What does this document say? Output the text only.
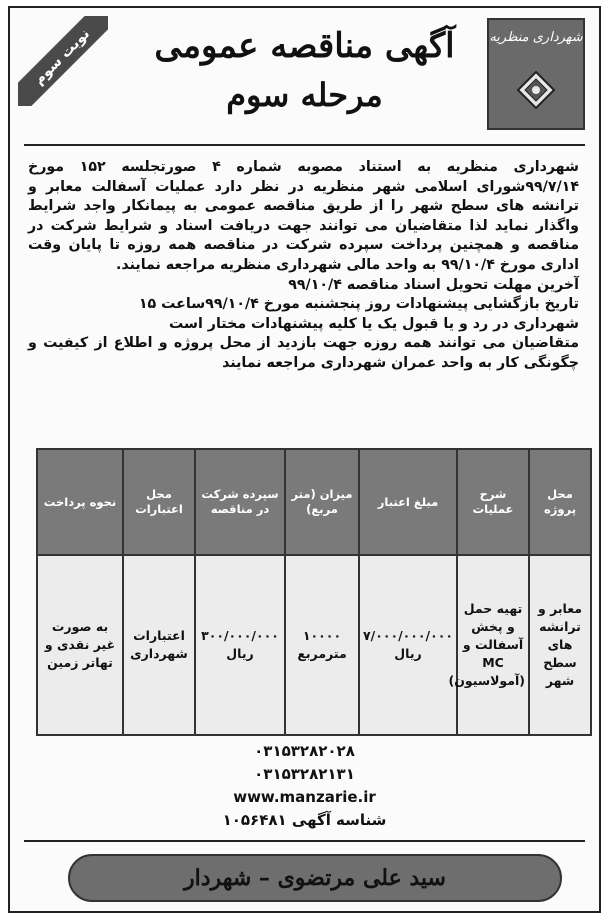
شهرداری منظریه
نوبت سوم	آگهی مناقصه عمومی
مرحله سوم

شهرداری منظریه به استناد مصوبه شماره ۴ صورتجلسه ۱۵۲ مورخ ۹۹/۷/۱۴شورای اسلامی شهر منظریه در نظر دارد عملیات آسفالت معابر و ترانشه های سطح شهر را از طریق مناقصه عمومی به پیمانکار واجد شرایط واگذار نماید لذا متقاضیان می توانند جهت دریافت اسناد و شرایط شرکت در مناقصه و همچنین پرداخت سپرده شرکت در مناقصه همه روزه تا پایان وقت اداری مورخ ۹۹/۱۰/۴ به واحد مالی شهرداری منظریه مراجعه نمایند.

آخرین مهلت تحویل اسناد مناقصه ۹۹/۱۰/۴

تاریخ بازگشایی پیشنهادات روز پنجشنبه مورخ ۹۹/۱۰/۴ساعت ۱۵

شهرداری در رد و یا قبول یک یا کلیه پیشنهادات مختار است

متقاضیان می توانند همه روزه جهت بازدید از محل پروژه و اطلاع از کیفیت و چگونگی کار به واحد عمران شهرداری مراجعه نمایند

محل پروژه	شرح عملیات	مبلغ اعتبار	میزان (متر مربع)	سپرده شرکت در مناقصه	محل اعتبارات	نحوه پرداخت
معابر و ترانشه های سطح شهر	تهیه حمل و پخش آسفالت و MC (آمولاسیون)	۷/۰۰۰/۰۰۰/۰۰۰ ریال	۱۰۰۰۰ مترمربع	۳۰۰/۰۰۰/۰۰۰ ریال	اعتبارات شهرداری	به صورت غیر نقدی و تهاتر زمین
۰۳۱۵۳۲۸۲۰۲۸
۰۳۱۵۳۲۸۲۱۳۱
www.manzarie.ir
شناسه آگهی ۱۰۵۶۴۸۱
سید علی مرتضوی – شهردار
